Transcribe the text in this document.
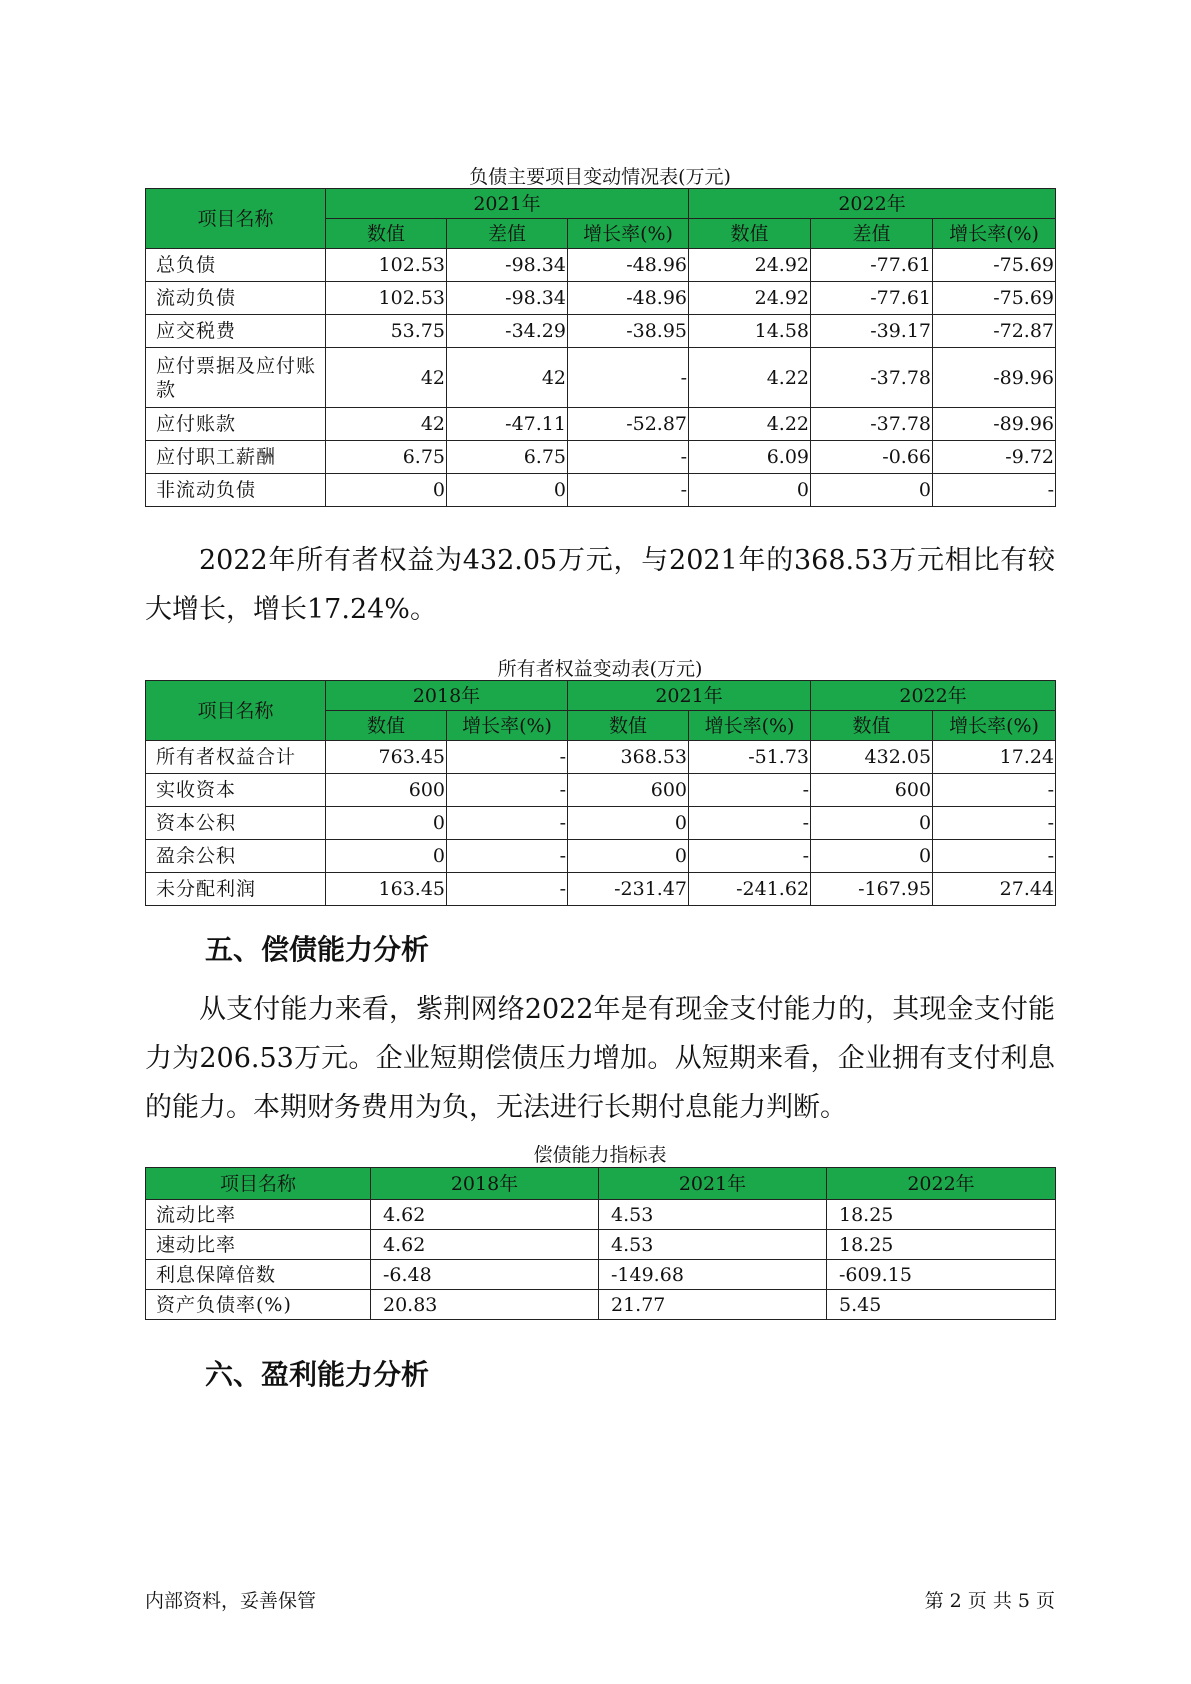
负债主要项目变动情况表(万元)
项目名称	2021年			2022年		
	数值	差值	增长率(%)	数值	差值	增长率(%)
总负债	102.53	-98.34	-48.96	24.92	-77.61	-75.69
流动负债	102.53	-98.34	-48.96	24.92	-77.61	-75.69
应交税费	53.75	-34.29	-38.95	14.58	-39.17	-72.87
应付票据及应付账款	42	42	-	4.22	-37.78	-89.96
应付账款	42	-47.11	-52.87	4.22	-37.78	-89.96
应付职工薪酬	6.75	6.75	-	6.09	-0.66	-9.72
非流动负债	0	0	-	0	0	-
2022年所有者权益为432.05万元，与2021年的368.53万元相比有较大增长，增长17.24%。
所有者权益变动表(万元)
项目名称	2018年		2021年		2022年	
	数值	增长率(%)	数值	增长率(%)	数值	增长率(%)
所有者权益合计	763.45	-	368.53	-51.73	432.05	17.24
实收资本	600	-	600	-	600	-
资本公积	0	-	0	-	0	-
盈余公积	0	-	0	-	0	-
未分配利润	163.45	-	-231.47	-241.62	-167.95	27.44
五、偿债能力分析
从支付能力来看，紫荆网络2022年是有现金支付能力的，其现金支付能力为206.53万元。企业短期偿债压力增加。从短期来看，企业拥有支付利息的能力。本期财务费用为负，无法进行长期付息能力判断。
偿债能力指标表
项目名称	2018年	2021年	2022年
流动比率	4.62	4.53	18.25
速动比率	4.62	4.53	18.25
利息保障倍数	-6.48	-149.68	-609.15
资产负债率(%)	20.83	21.77	5.45
六、盈利能力分析
内部资料，妥善保管	第 2 页 共 5 页
